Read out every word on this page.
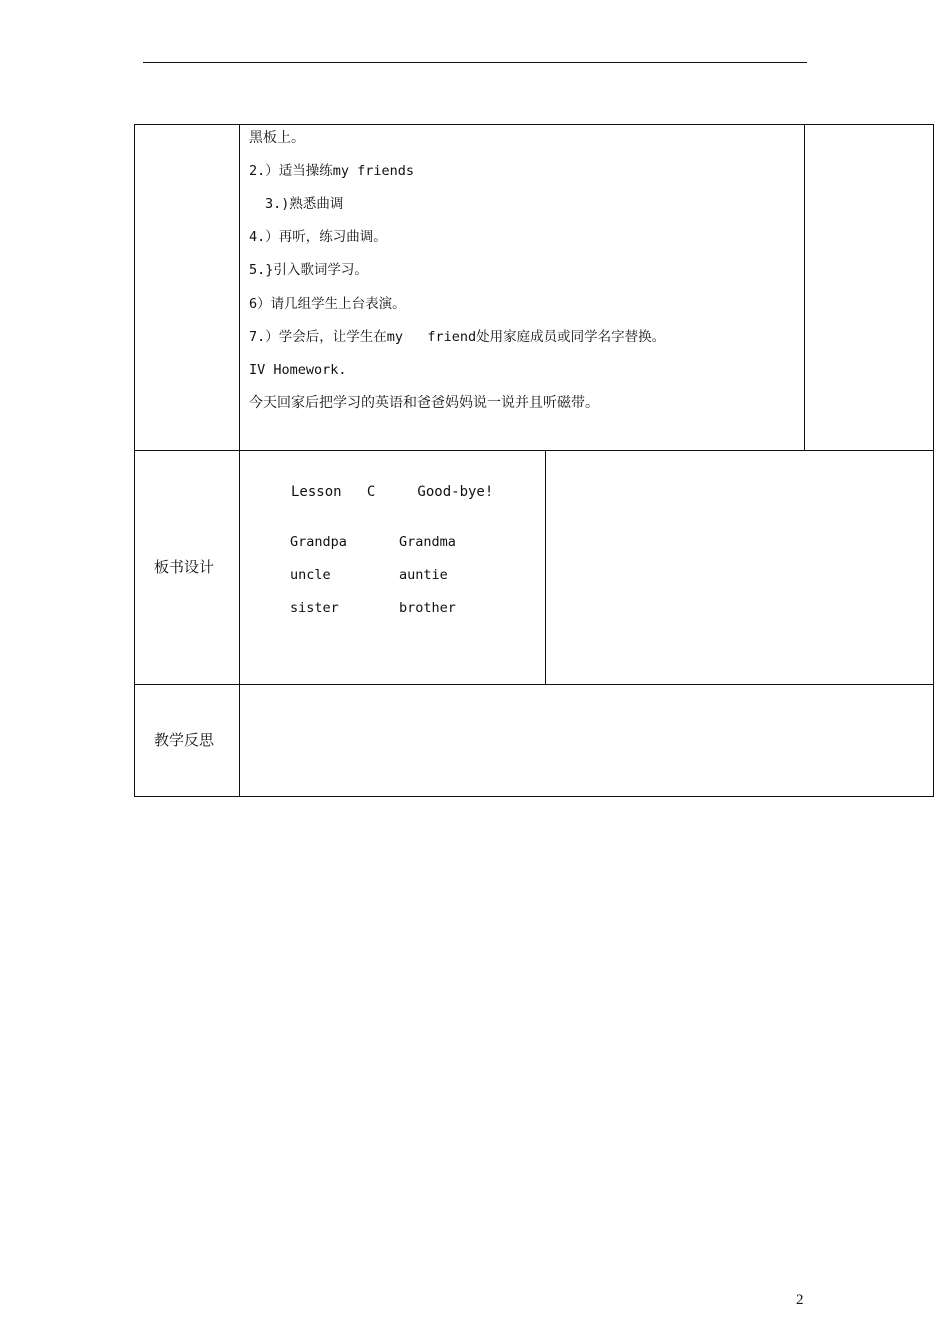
黑板上。
2.）适当操练my friends
3.)熟悉曲调
4.）再听，练习曲调。
5.}引入歌词学习。
6）请几组学生上台表演。
7.）学会后，让学生在my   friend处用家庭成员或同学名字替换。
IV Homework.
今天回家后把学习的英语和爸爸妈妈说一说并且听磁带。
板书设计
Lesson   C     Good-bye!
Grandpa	Grandma
uncle	auntie
sister	brother
教学反思
2
